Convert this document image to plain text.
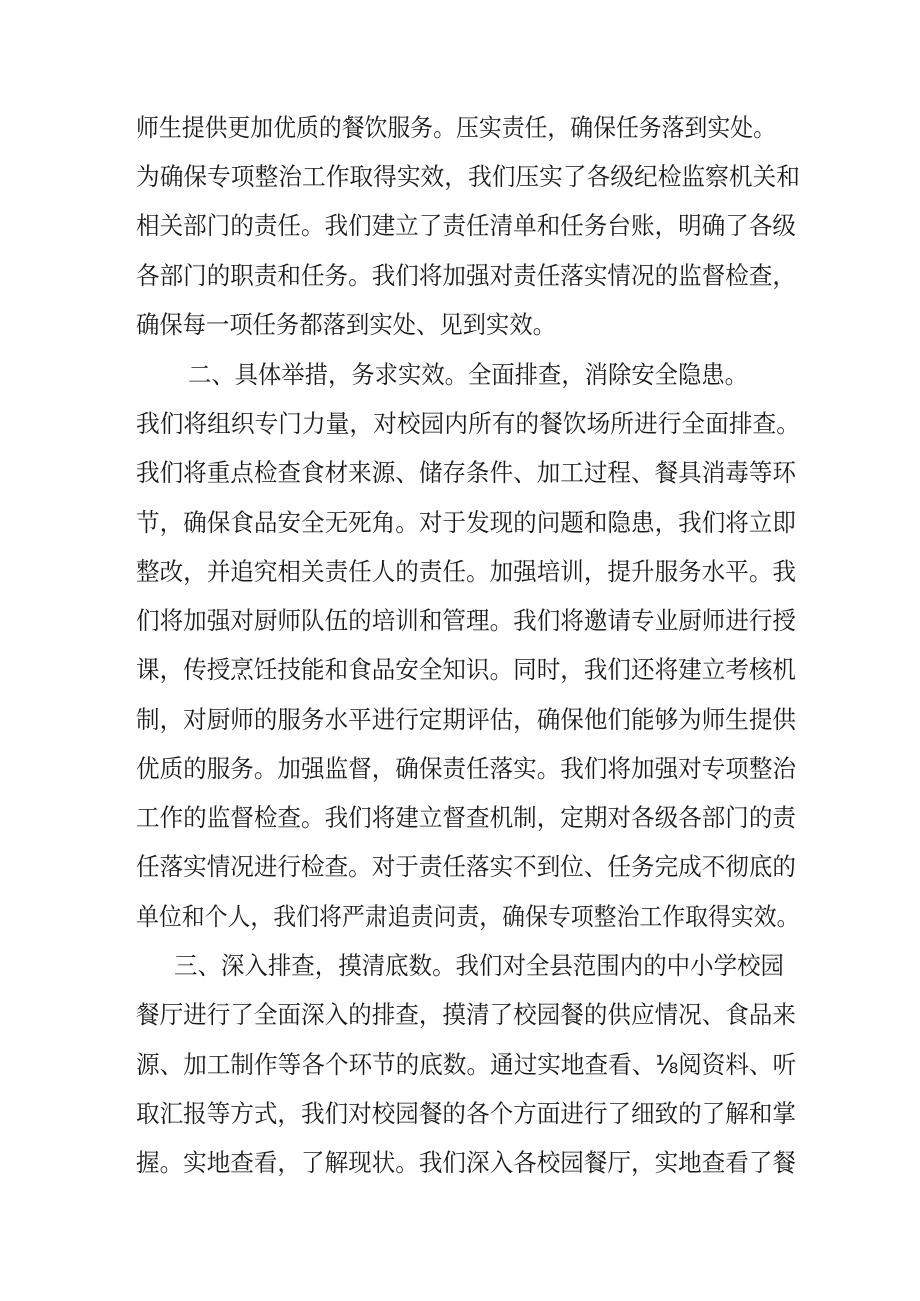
师生提供更加优质的餐饮服务。压实责任，确保任务落到实处。
为确保专项整治工作取得实效，我们压实了各级纪检监察机关和
相关部门的责任。我们建立了责任清单和任务台账，明确了各级
各部门的职责和任务。我们将加强对责任落实情况的监督检查，
确保每一项任务都落到实处、见到实效。
二、具体举措，务求实效。全面排查，消除安全隐患。
我们将组织专门力量，对校园内所有的餐饮场所进行全面排查。
我们将重点检查食材来源、储存条件、加工过程、餐具消毒等环
节，确保食品安全无死角。对于发现的问题和隐患，我们将立即
整改，并追究相关责任人的责任。加强培训，提升服务水平。我
们将加强对厨师队伍的培训和管理。我们将邀请专业厨师进行授
课，传授烹饪技能和食品安全知识。同时，我们还将建立考核机
制，对厨师的服务水平进行定期评估，确保他们能够为师生提供
优质的服务。加强监督，确保责任落实。我们将加强对专项整治
工作的监督检查。我们将建立督查机制，定期对各级各部门的责
任落实情况进行检查。对于责任落实不到位、任务完成不彻底的
单位和个人，我们将严肃追责问责，确保专项整治工作取得实效。
三、深入排查，摸清底数。我们对全县范围内的中小学校园
餐厅进行了全面深入的排查，摸清了校园餐的供应情况、食品来
源、加工制作等各个环节的底数。通过实地查看、⅛阅资料、听
取汇报等方式，我们对校园餐的各个方面进行了细致的了解和掌
握。实地查看，了解现状。我们深入各校园餐厅，实地查看了餐
